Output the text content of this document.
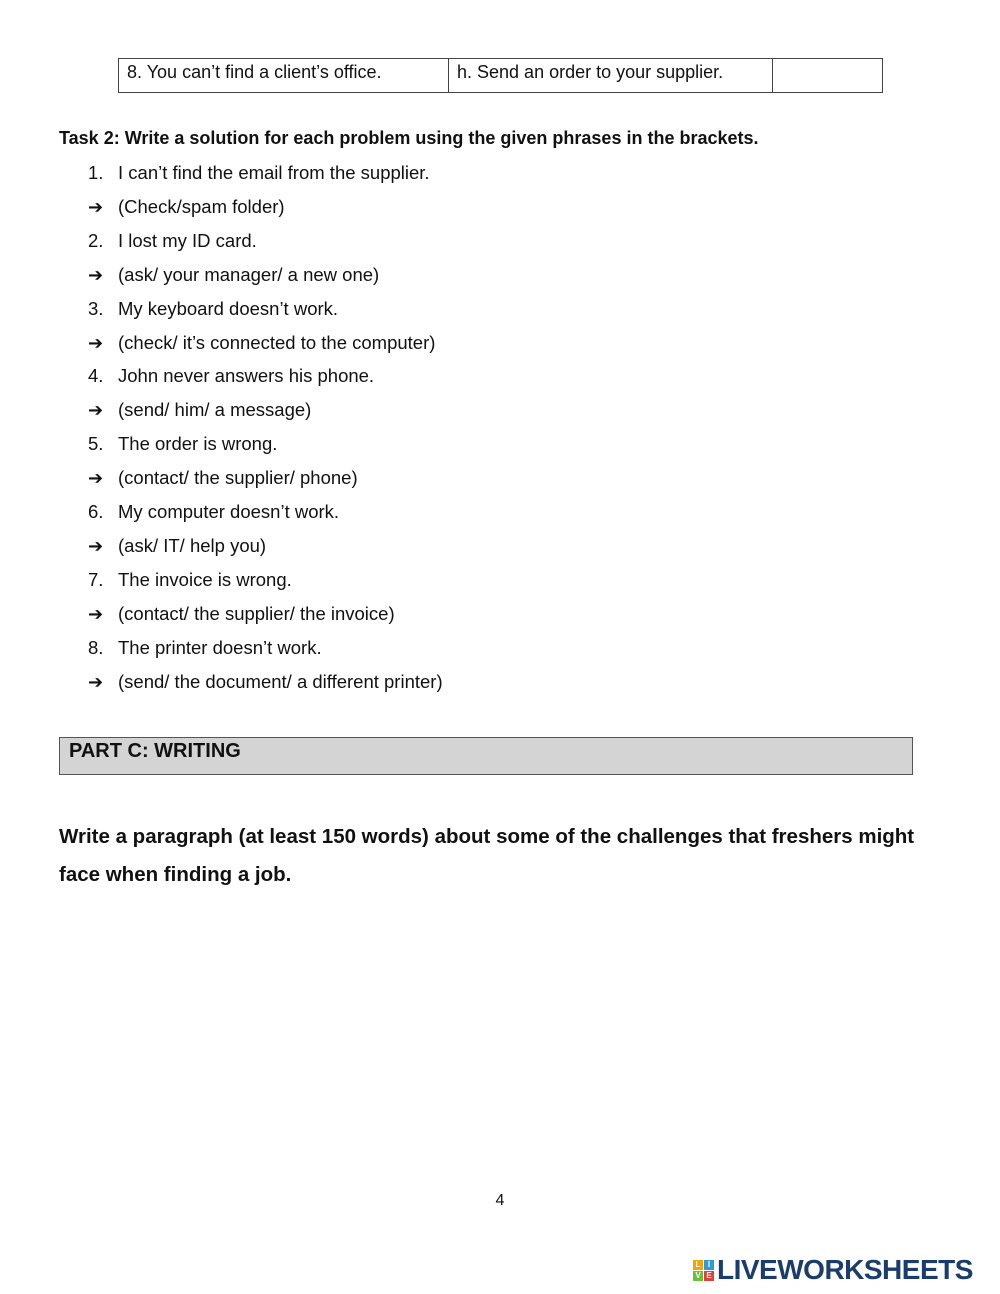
8. You can’t find a client’s office.	h. Send an order to your supplier.	
Task 2: Write a solution for each problem using the given phrases in the brackets.
1. I can’t find the email from the supplier.
➔ (Check/spam folder)
2. I lost my ID card.
➔ (ask/ your manager/ a new one)
3. My keyboard doesn’t work.
➔ (check/ it’s connected to the computer)
4. John never answers his phone.
➔ (send/ him/ a message)
5. The order is wrong.
➔ (contact/ the supplier/ phone)
6. My computer doesn’t work.
➔ (ask/ IT/ help you)
7. The invoice is wrong.
➔ (contact/ the supplier/ the invoice)
8. The printer doesn’t work.
➔ (send/ the document/ a different printer)
PART C: WRITING

Write a paragraph (at least 150 words) about some of the challenges that freshers might face when finding a job.

4
L I
V E LIVEWORKSHEETS
